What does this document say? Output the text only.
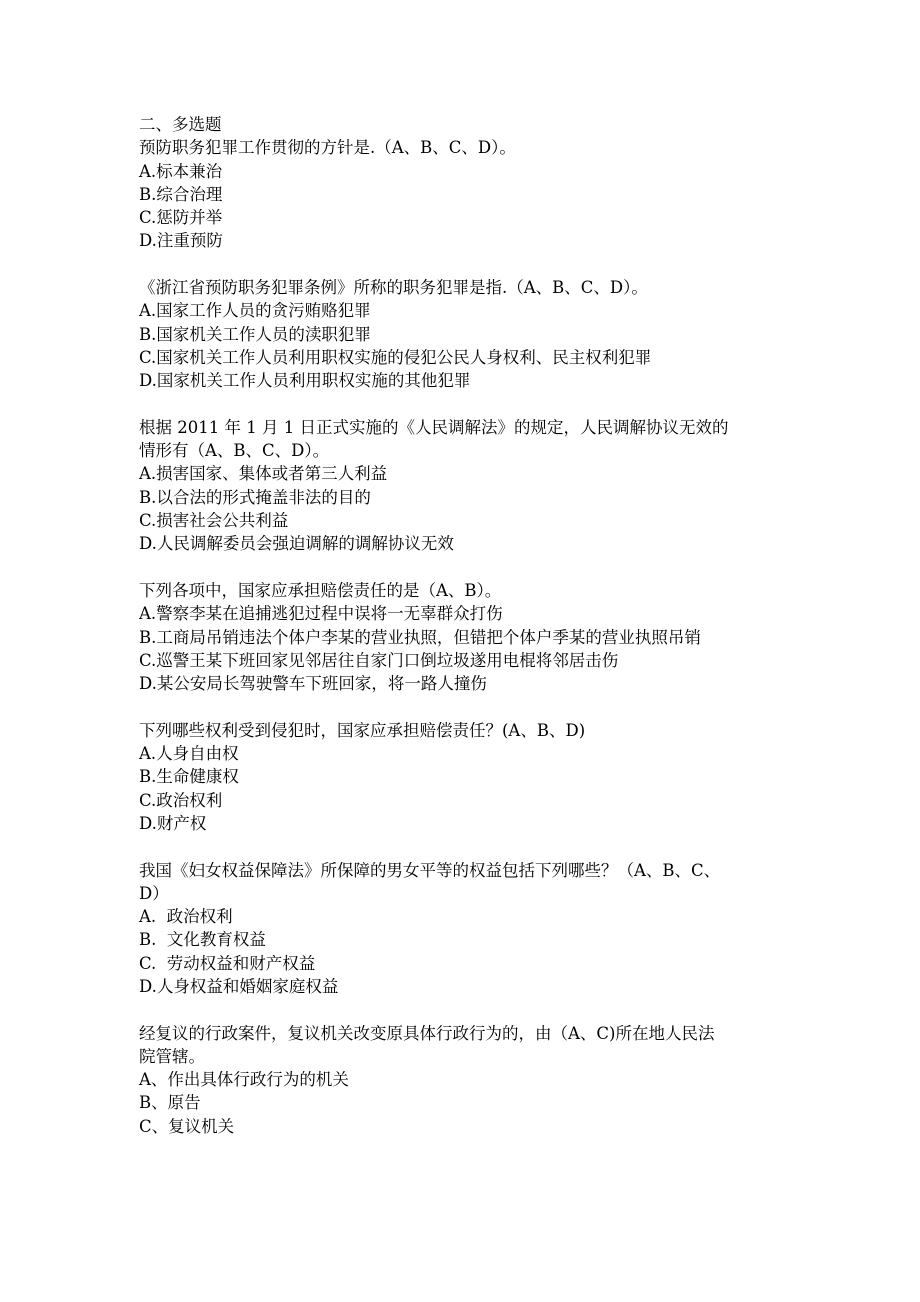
二、多选题
预防职务犯罪工作贯彻的方针是.（A、B、C、D）。
A.标本兼治
B.综合治理
C.惩防并举
D.注重预防
《浙江省预防职务犯罪条例》所称的职务犯罪是指.（A、B、C、D）。
A.国家工作人员的贪污贿赂犯罪
B.国家机关工作人员的渎职犯罪
C.国家机关工作人员利用职权实施的侵犯公民人身权利、民主权利犯罪
D.国家机关工作人员利用职权实施的其他犯罪
根据 2011 年 1 月 1 日正式实施的《人民调解法》的规定，人民调解协议无效的
情形有（A、B、C、D）。
A.损害国家、集体或者第三人利益
B.以合法的形式掩盖非法的目的
C.损害社会公共利益
D.人民调解委员会强迫调解的调解协议无效
下列各项中，国家应承担赔偿责任的是（A、B）。
A.警察李某在追捕逃犯过程中误将一无辜群众打伤
B.工商局吊销违法个体户李某的营业执照，但错把个体户季某的营业执照吊销
C.巡警王某下班回家见邻居往自家门口倒垃圾遂用电棍将邻居击伤
D.某公安局长驾驶警车下班回家，将一路人撞伤
下列哪些权利受到侵犯时，国家应承担赔偿责任？(A、B、D)
A.人身自由权
B.生命健康权
C.政治权利
D.财产权
我国《妇女权益保障法》所保障的男女平等的权益包括下列哪些？（A、B、C、
D）
A.  政治权利
B.  文化教育权益
C.  劳动权益和财产权益
D.人身权益和婚姻家庭权益
经复议的行政案件，复议机关改变原具体行政行为的，由（A、C)所在地人民法
院管辖。
A、作出具体行政行为的机关
B、原告
C、复议机关
